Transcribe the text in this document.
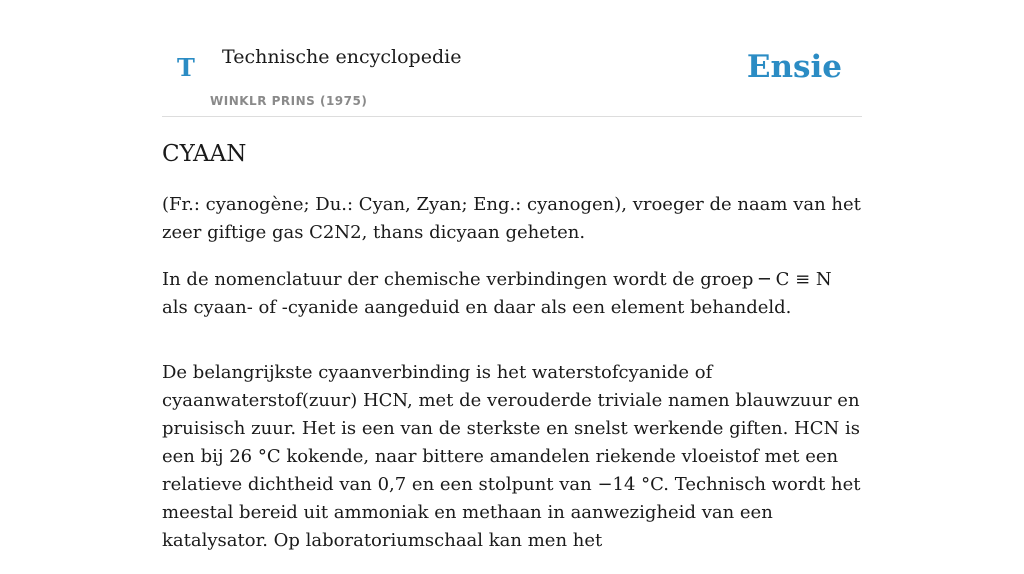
T Technische encyclopedie
WINKLR PRINS (1975)
Ensie
CYAAN

(Fr.: cyanogène; Du.: Cyan, Zyan; Eng.: cyanogen), vroeger de naam van het zeer giftige gas C2N2, thans dicyaan geheten.

In de nomenclatuur der chemische verbindingen wordt de groep ─ C ≡ N als cyaan- of -cyanide aangeduid en daar als een element behandeld.

De belangrijkste cyaanverbinding is het waterstofcyanide of cyaanwaterstof(zuur) HCN, met de verouderde triviale namen blauwzuur en pruisisch zuur. Het is een van de sterkste en snelst werkende giften. HCN is een bij 26 °C kokende, naar bittere amandelen riekende vloeistof met een relatieve dichtheid van 0,7 en een stolpunt van −14 °C. Technisch wordt het meestal bereid uit ammoniak en methaan in aanwezigheid van een katalysator. Op laboratoriumschaal kan men het
